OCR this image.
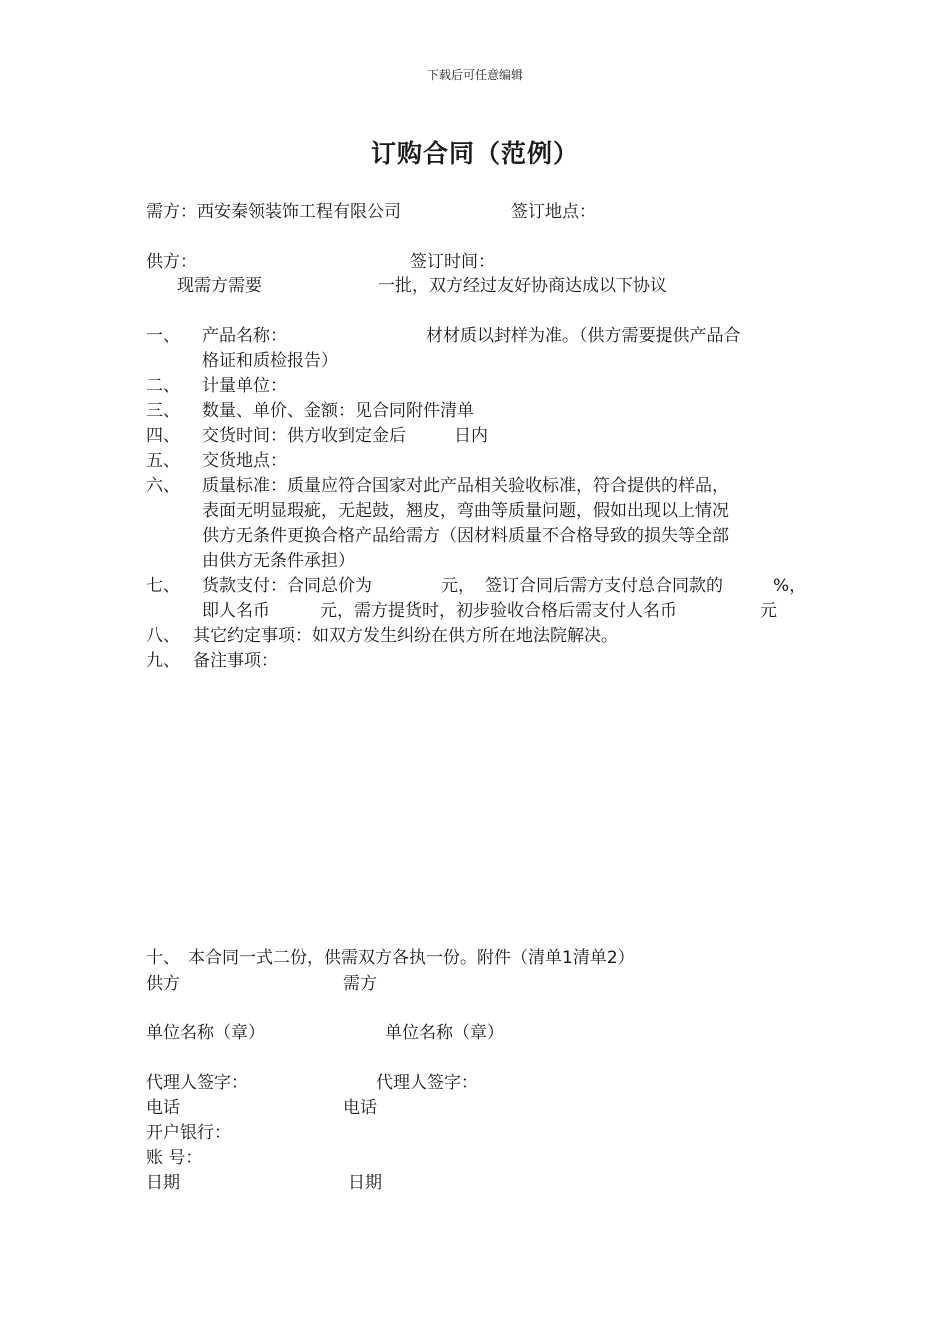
下载后可任意编辑
订购合同（范例）
需方：西安秦领装饰工程有限公司	签订地点：
供方：	签订时间：
现需方需要	一批，双方经过友好协商达成以下协议
一、 产品名称：	材材质以封样为准。（供方需要提供产品合
格证和质检报告）
二、 计量单位：
三、 数量、单价、金额：见合同附件清单
四、 交货时间：供方收到定金后	日内
五、 交货地点：
六、 质量标准：质量应符合国家对此产品相关验收标准，符合提供的样品，
表面无明显瑕疵，无起鼓，翘皮，弯曲等质量问题，假如出现以上情况
供方无条件更换合格产品给需方（因材料质量不合格导致的损失等全部
由供方无条件承担）
七、 货款支付：合同总价为	元， 签订合同后需方支付总合同款的	%，
即人名币	元，需方提货时，初步验收合格后需支付人名币	元
八、 其它约定事项：如双方发生纠纷在供方所在地法院解决。
九、 备注事项：
十、 本合同一式二份，供需双方各执一份。附件（清单1清单2）
供方	需方
单位名称（章）	单位名称（章）
代理人签字：	代理人签字：
电话	电话
开户银行：
账 号：
日期	日期
